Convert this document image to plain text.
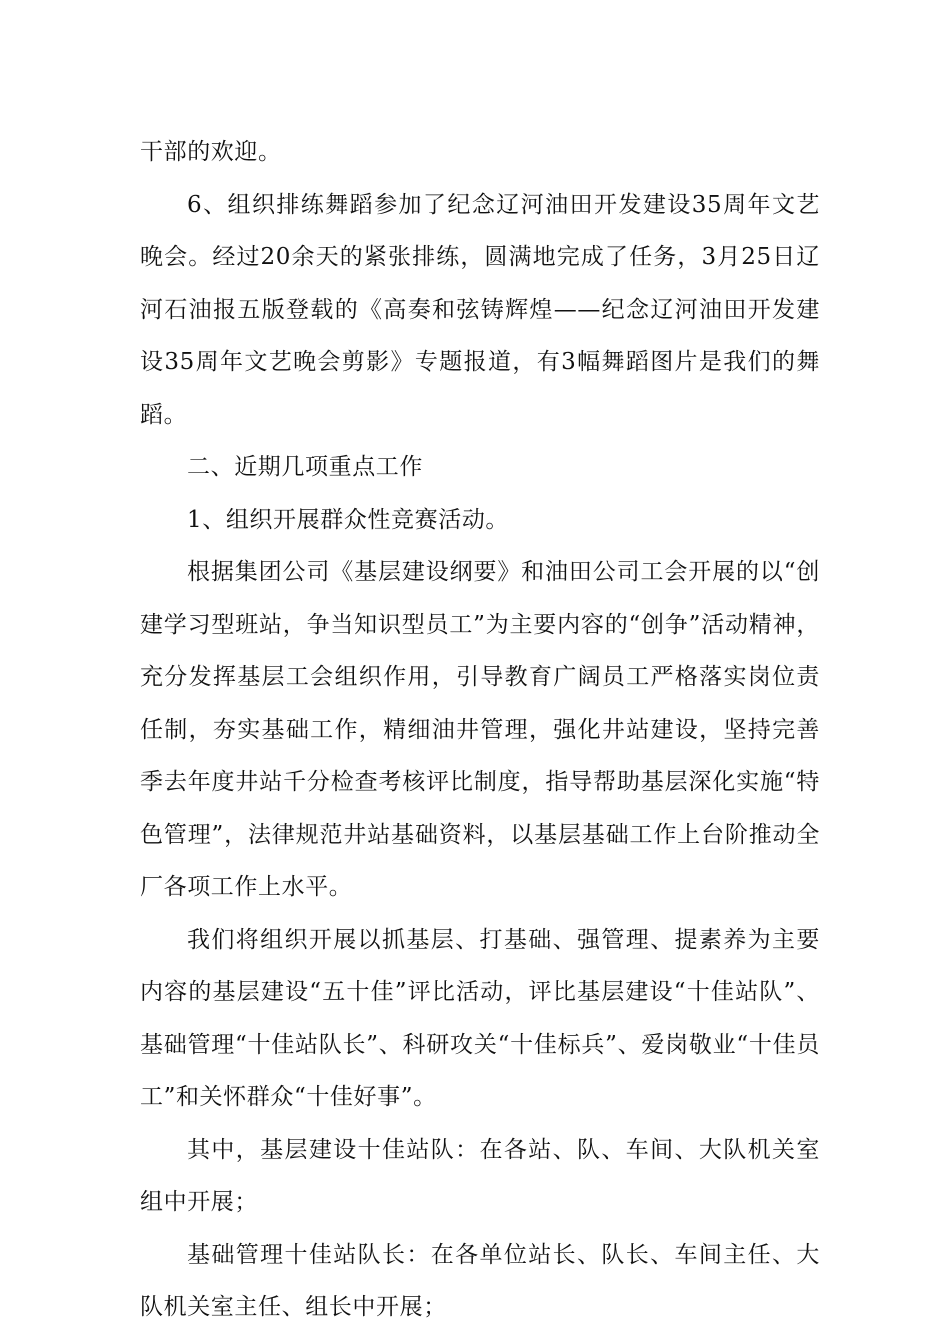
干部的欢迎。

6、组织排练舞蹈参加了纪念辽河油田开发建设35周年文艺晚会。经过20余天的紧张排练，圆满地完成了任务，3月25日辽河石油报五版登载的《高奏和弦铸辉煌——纪念辽河油田开发建设35周年文艺晚会剪影》专题报道，有3幅舞蹈图片是我们的舞蹈。

二、近期几项重点工作

1、组织开展群众性竞赛活动。

根据集团公司《基层建设纲要》和油田公司工会开展的以“创建学习型班站，争当知识型员工”为主要内容的“创争”活动精神，充分发挥基层工会组织作用，引导教育广阔员工严格落实岗位责任制，夯实基础工作，精细油井管理，强化井站建设，坚持完善季去年度井站千分检查考核评比制度，指导帮助基层深化实施“特色管理”，法律规范井站基础资料，以基层基础工作上台阶推动全厂各项工作上水平。

我们将组织开展以抓基层、打基础、强管理、提素养为主要内容的基层建设“五十佳”评比活动，评比基层建设“十佳站队”、基础管理“十佳站队长”、科研攻关“十佳标兵”、爱岗敬业“十佳员工”和关怀群众“十佳好事”。

其中，基层建设十佳站队：在各站、队、车间、大队机关室组中开展；

基础管理十佳站队长：在各单位站长、队长、车间主任、大队机关室主任、组长中开展；
